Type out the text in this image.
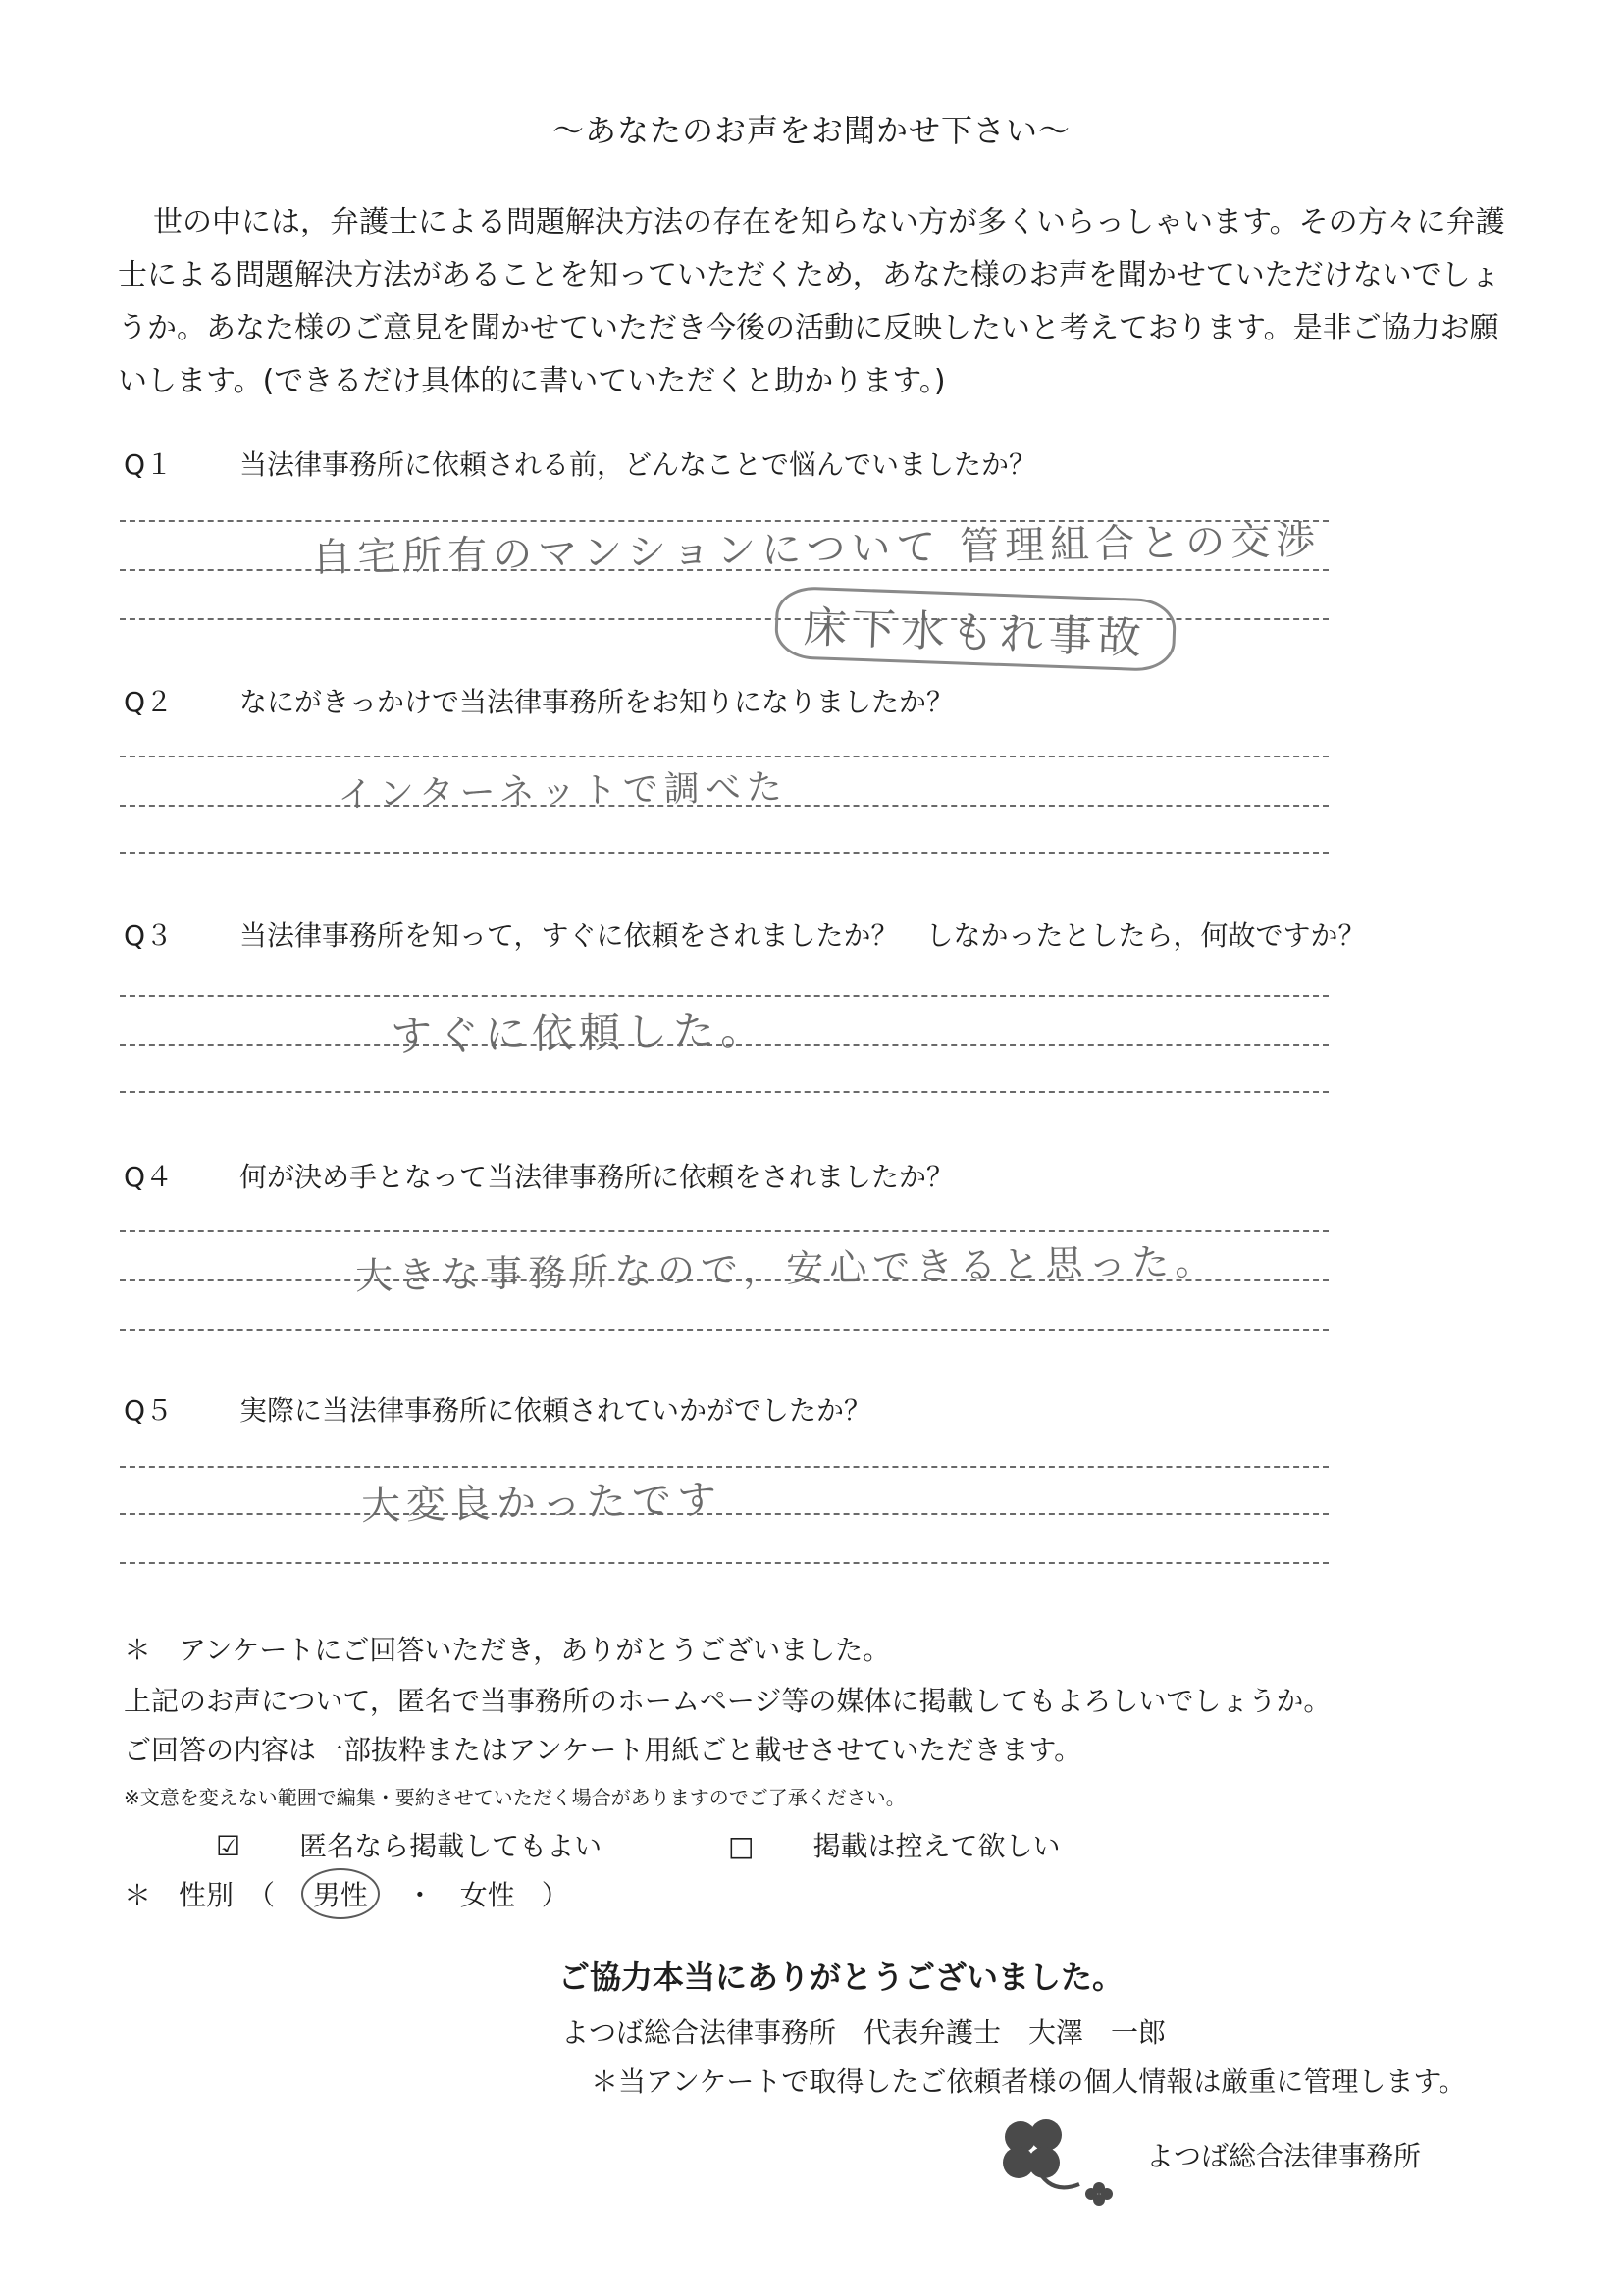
〜あなたのお声をお聞かせ下さい〜

世の中には，弁護士による問題解決方法の存在を知らない方が多くいらっしゃいます。その方々に弁護士による問題解決方法があることを知っていただくため，あなた様のお声を聞かせていただけないでしょうか。あなた様のご意見を聞かせていただき今後の活動に反映したいと考えております。是非ご協力お願いします。(できるだけ具体的に書いていただくと助かります。)

Q１ 当法律事務所に依頼される前，どんなことで悩んでいましたか？
自宅所有のマンションについて 管理組合との交渉
床下水もれ事故
Q２ なにがきっかけで当法律事務所をお知りになりましたか？
インターネットで調べた
Q３ 当法律事務所を知って，すぐに依頼をされましたか？　しなかったとしたら，何故ですか？
すぐに依頼した。
Q４ 何が決め手となって当法律事務所に依頼をされましたか？
大きな事務所なので，安心できると思った。
Q５ 実際に当法律事務所に依頼されていかがでしたか？
大変良かったです
＊　アンケートにご回答いただき，ありがとうございました。
上記のお声について，匿名で当事務所のホームページ等の媒体に掲載してもよろしいでしょうか。
ご回答の内容は一部抜粋またはアンケート用紙ごと載せさせていただきます。
※文意を変えない範囲で編集・要約させていただく場合がありますのでご了承ください。
☑ 匿名なら掲載してもよい	□ 掲載は控えて欲しい
＊　性別　（ 男性 ・ 女性 ）
ご協力本当にありがとうございました。
よつば総合法律事務所　代表弁護士　大澤　一郎
＊当アンケートで取得したご依頼者様の個人情報は厳重に管理します。
よつば総合法律事務所
